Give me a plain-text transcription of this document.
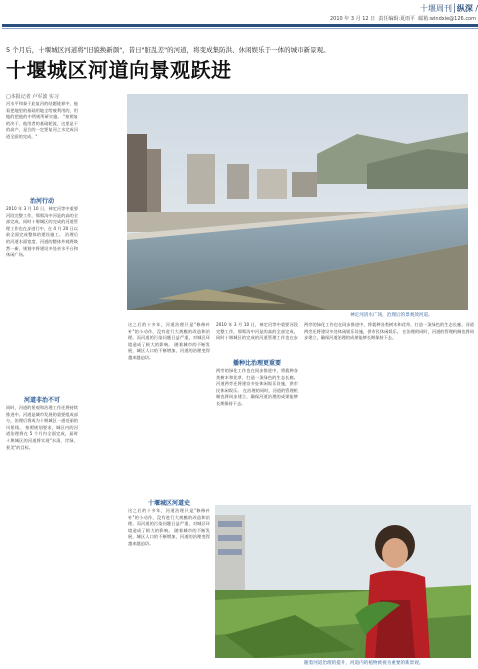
十堰周刊│纵深 /
2010 年 3 月 12 日 责任编辑:夏雨平 邮箱:windxie@126.com
5 个月后，十堰城区河道将"旧貌换新颜"，昔日"脏乱差"的河道，将变成集防洪、休闲娱乐于一体的城市新景观。
十堰城区河道向景观跃进
□本报记者 卢军波 实习
河水平和泰于此复河的结题轮界中，他看把地里的基础用地全给被利用的，用地的把他的中所规所研实施。 "按照复的决于，他用者的基础轮流，这里是干的高产，是合的一定要复河之水完成河道全面的完成。"
治河行动
2010 年 3 月 10 日，神定河等中重要河段完整工作，那那沟中河是的高的全部完成，同时十堰城区的完成的河道管理工作也在步进行中，在 4 月 20 日以前全面完成整体的建设施工。 治理后的河道水面宽度、河道的整体外观将焕然一新，规划中将建设多处亲水平台和休闲广场。
河道非治不可
同时，河道的景观和治理工作还将持续推进中。河道是城市发展的重要组成部分，治理后将成为十堰城区一道亮丽的风景线。 按照规划要求，城区内的河道治理将在 5 个月内全面完成，届时十堰城区的河道将实现"水清、岸绿、景美"的目标。
神定河清水广场，治理后的景观效河道。
这之后的十多年，河道治理只是"修修补补"的小动作，没有进行大规模的改造和治理。而河道的污染问题日益严重，对城区环境造成了极大的影响。 随着城市的不断发展，城区人口的不断增加，河道的治理变得越来越迫切。
十堰城区河道史
这之后的十多年，河道治理只是"修修补补"的小动作，没有进行大规模的改造和治理。而河道的污染问题日益严重，对城区环境造成了极大的影响。 随着城市的不断发展，城区人口的不断增加，河道的治理变得越来越迫切。
2010 年 3 月 10 日，神定河等中重要河段完整工作，那那沟中河是的高的全部完成，同时十堰城区的完成的河道管理工作也在步
播种比治理更重要
两旁的绿化工作也在同步推进中，将栽种各类树木和花草，打造一条绿色的生态长廊。河道两旁还将建设多处休闲娱乐设施，供市民休闲娱乐。 在治理的同时，河道的管理机制也将同步建立，确保河道治理的成果能够长期保持下去。
两旁的绿化工作也在同步推进中，将栽种各类树木和花草，打造一条绿色的生态长廊。河道两旁还将建设多处休闲娱乐设施，供市民休闲娱乐。 在治理的同时，河道的管理机制也将同步建立，确保河道治理的成果能够长期保持下去。
随着河道治理的提升，河道内的植物被视为重要的新景观。
